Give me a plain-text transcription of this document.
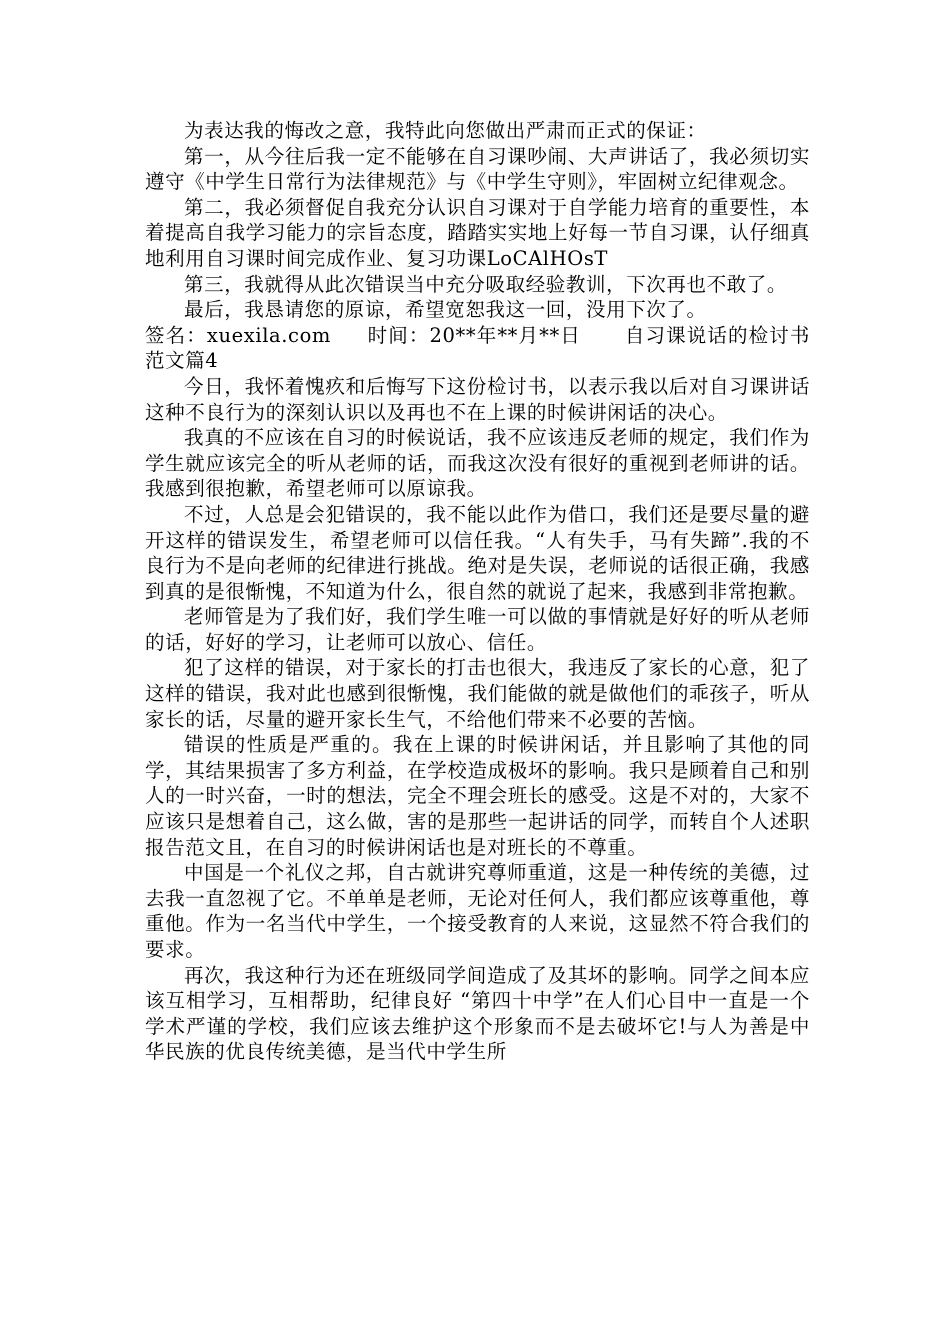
为表达我的悔改之意，我特此向您做出严肃而正式的保证：

第一，从今往后我一定不能够在自习课吵闹、大声讲话了，我必须切实遵守《中学生日常行为法律规范》与《中学生守则》，牢固树立纪律观念。

第二，我必须督促自我充分认识自习课对于自学能力培育的重要性，本着提高自我学习能力的宗旨态度，踏踏实实地上好每一节自习课，认仔细真地利用自习课时间完成作业、复习功课LoCAlHOsT

第三，我就得从此次错误当中充分吸取经验教训，下次再也不敢了。

最后，我恳请您的原谅，希望宽恕我这一回，没用下次了。

签名：xuexila.com     时间：20**年**月**日      自习课说话的检讨书范文篇4

今日，我怀着愧疚和后悔写下这份检讨书，以表示我以后对自习课讲话这种不良行为的深刻认识以及再也不在上课的时候讲闲话的决心。

我真的不应该在自习的时候说话，我不应该违反老师的规定，我们作为学生就应该完全的听从老师的话，而我这次没有很好的重视到老师讲的话。我感到很抱歉，希望老师可以原谅我。

不过，人总是会犯错误的，我不能以此作为借口，我们还是要尽量的避开这样的错误发生，希望老师可以信任我。“人有失手，马有失蹄”.我的不良行为不是向老师的纪律进行挑战。绝对是失误，老师说的话很正确，我感到真的是很惭愧，不知道为什么，很自然的就说了起来，我感到非常抱歉。

老师管是为了我们好，我们学生唯一可以做的事情就是好好的听从老师的话，好好的学习，让老师可以放心、信任。

犯了这样的错误，对于家长的打击也很大，我违反了家长的心意，犯了这样的错误，我对此也感到很惭愧，我们能做的就是做他们的乖孩子，听从家长的话，尽量的避开家长生气，不给他们带来不必要的苦恼。

错误的性质是严重的。我在上课的时候讲闲话，并且影响了其他的同学，其结果损害了多方利益，在学校造成极坏的影响。我只是顾着自己和别人的一时兴奋，一时的想法，完全不理会班长的感受。这是不对的，大家不应该只是想着自己，这么做，害的是那些一起讲话的同学，而转自个人述职报告范文且，在自习的时候讲闲话也是对班长的不尊重。

中国是一个礼仪之邦，自古就讲究尊师重道，这是一种传统的美德，过去我一直忽视了它。不单单是老师，无论对任何人，我们都应该尊重他，尊重他。作为一名当代中学生，一个接受教育的人来说，这显然不符合我们的要求。

再次，我这种行为还在班级同学间造成了及其坏的影响。同学之间本应该互相学习，互相帮助，纪律良好 “第四十中学”在人们心目中一直是一个学术严谨的学校，我们应该去维护这个形象而不是去破坏它!与人为善是中华民族的优良传统美德，是当代中学生所
